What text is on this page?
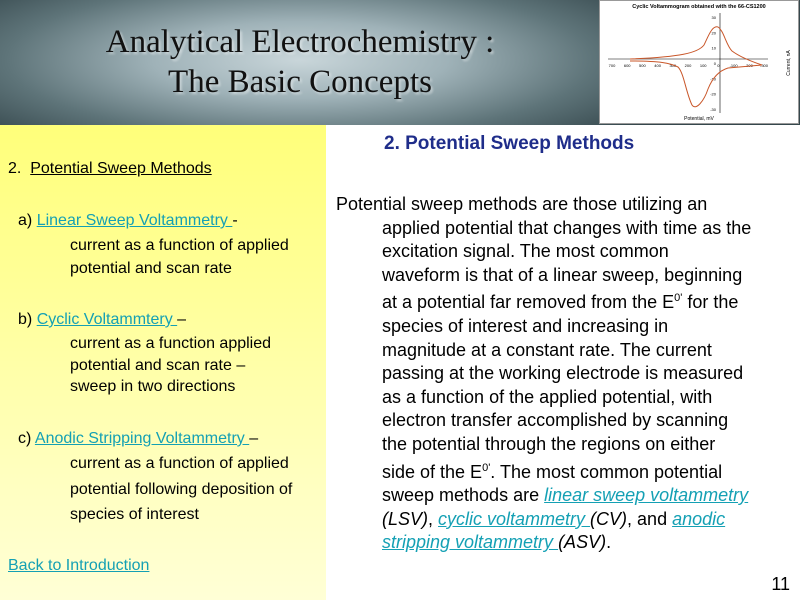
Analytical Electrochemistry :
The Basic Concepts
Cyclic Voltammogram obtained with the 66-CS1200
700 600 500 400 300 200 100	0	-100 -200 -300
30
20
10
0
-10
-20
-30
Potential, mV
Current, nA
2. Potential Sweep Methods
a) Linear Sweep Voltammetry -
current as a function of applied
potential and scan rate
b) Cyclic Voltammtery –
current as a function applied
potential and scan rate –
sweep in two directions
c) Anodic Stripping Voltammetry –
current as a function of applied
potential following deposition of
species of interest
Back to Introduction
2. Potential Sweep Methods
Potential sweep methods are those utilizing an
applied potential that changes with time as the
excitation signal. The most common
waveform is that of a linear sweep, beginning
at a potential far removed from the $E^{0'}$ for the
species of interest and increasing in
magnitude at a constant rate. The current
passing at the working electrode is measured
as a function of the applied potential, with
electron transfer accomplished by scanning
the potential through the regions on either
side of the $E^{0'}$. The most common potential
sweep methods are linear sweep voltammetry
(LSV), cyclic voltammetry (CV), and anodic
stripping voltammetry (ASV).
11
